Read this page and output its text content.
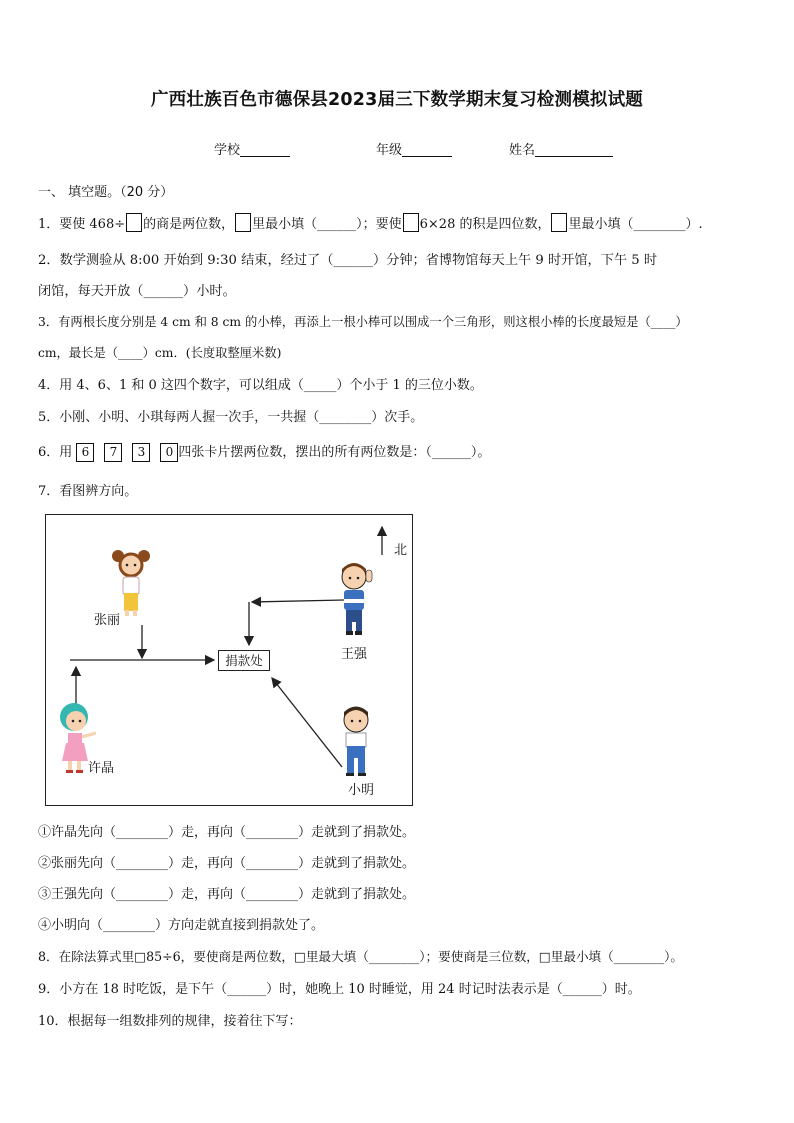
广西壮族百色市德保县2023届三下数学期末复习检测模拟试题
学校	年级	姓名
一、 填空题。（20 分）
1．要使 468÷ 的商是两位数， 里最小填（______）；要使 6×28 的积是四位数， 里最小填（________）.
2．数学测验从 8:00 开始到 9:30 结束，经过了（______）分钟；省博物馆每天上午 9 时开馆，下午 5 时
闭馆，每天开放（______）小时。
3．有两根长度分别是 4 cm 和 8 cm 的小棒，再添上一根小棒可以围成一个三角形，则这根小棒的长度最短是（____）
cm，最长是（____）cm．(长度取整厘米数)
4．用 4、6、1 和 0 这四个数字，可以组成（_____）个小于 1 的三位小数。
5．小刚、小明、小琪每两人握一次手，一共握（________）次手。
6．用 6 7 3 0 四张卡片摆两位数，摆出的所有两位数是：（______）。
7．看图辨方向。
北
张丽
王强
许晶
小明
捐款处
①许晶先向（________）走，再向（________）走就到了捐款处。
②张丽先向（________）走，再向（________）走就到了捐款处。
③王强先向（________）走，再向（________）走就到了捐款处。
④小明向（________）方向走就直接到捐款处了。
8．在除法算式里□85÷6，要使商是两位数，□里最大填（________）；要使商是三位数，□里最小填（________）。
9．小方在 18 时吃饭，是下午（______）时，她晚上 10 时睡觉，用 24 时记时法表示是（______）时。
10．根据每一组数排列的规律，接着往下写：
